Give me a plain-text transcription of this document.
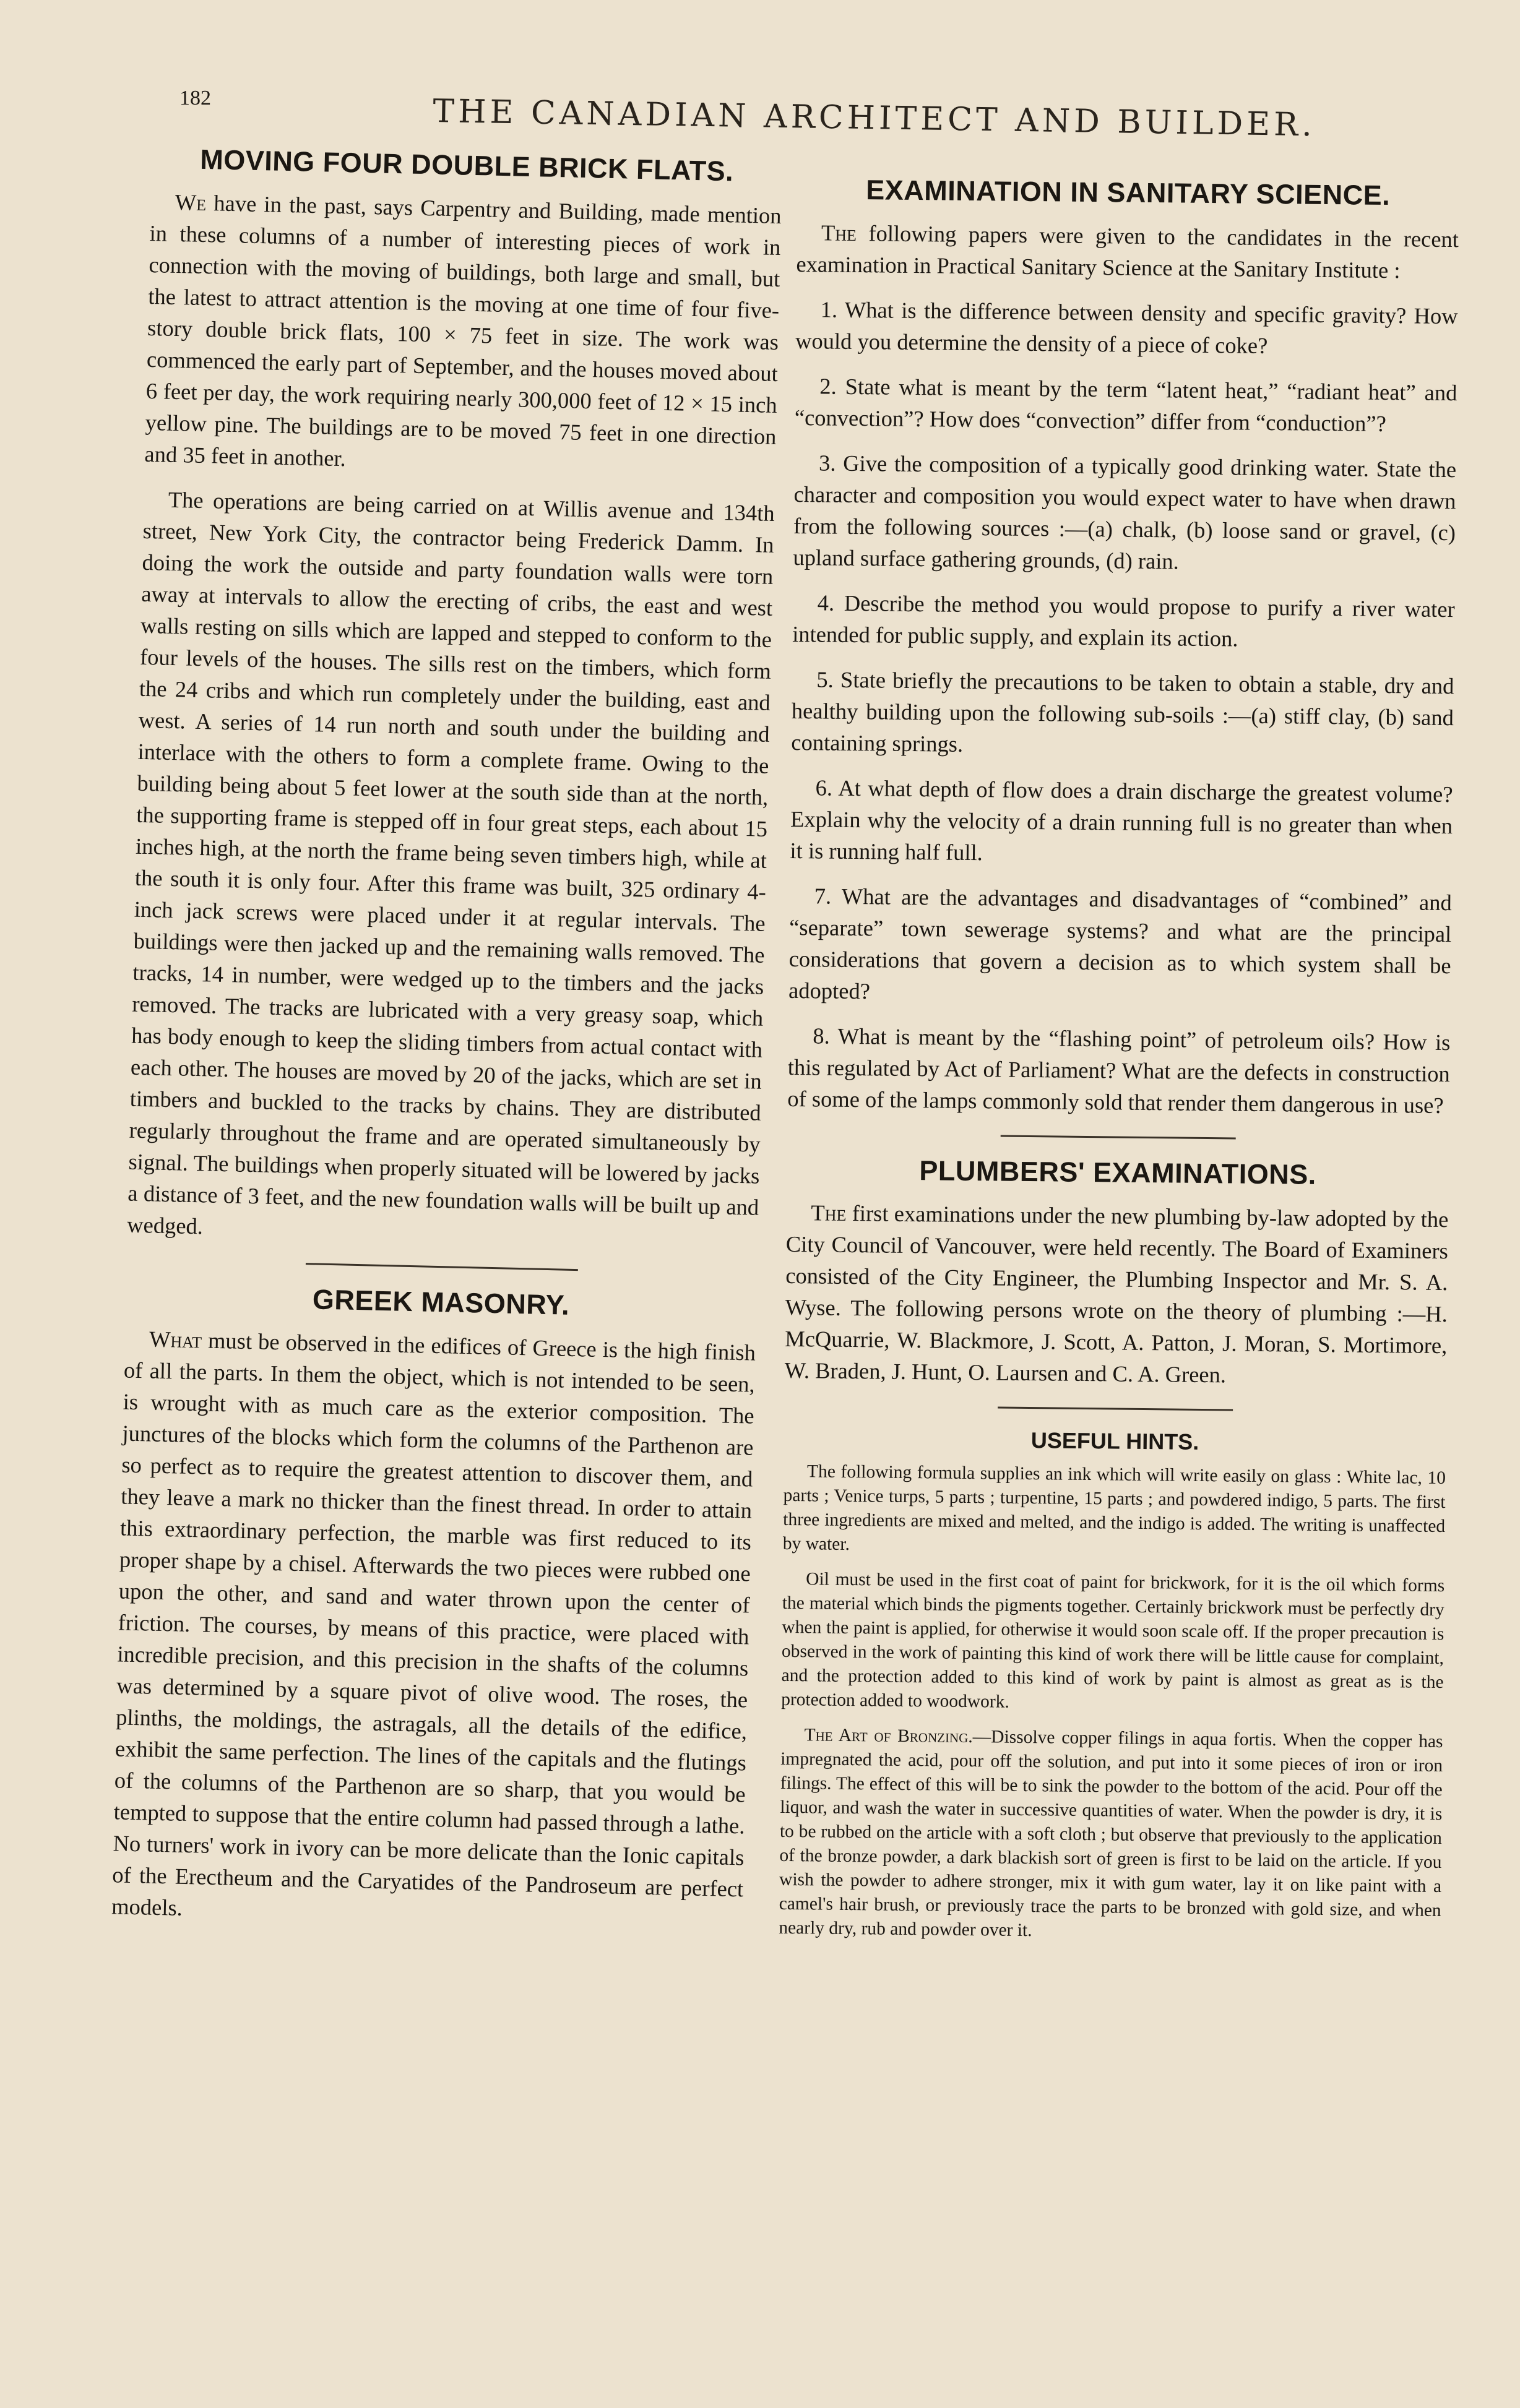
182	THE CANADIAN ARCHITECT AND BUILDER.
MOVING FOUR DOUBLE BRICK FLATS.

We have in the past, says Carpentry and Building, made mention in these columns of a number of interesting pieces of work in connection with the moving of buildings, both large and small, but the latest to attract attention is the moving at one time of four five-story double brick flats, 100 × 75 feet in size. The work was commenced the early part of September, and the houses moved about 6 feet per day, the work requiring nearly 300,000 feet of 12 × 15 inch yellow pine. The buildings are to be moved 75 feet in one direction and 35 feet in another.

The operations are being carried on at Willis avenue and 134th street, New York City, the contractor being Frederick Damm. In doing the work the outside and party foundation walls were torn away at intervals to allow the erecting of cribs, the east and west walls resting on sills which are lapped and stepped to conform to the four levels of the houses. The sills rest on the timbers, which form the 24 cribs and which run completely under the building, east and west. A series of 14 run north and south under the building and interlace with the others to form a complete frame. Owing to the building being about 5 feet lower at the south side than at the north, the supporting frame is stepped off in four great steps, each about 15 inches high, at the north the frame being seven timbers high, while at the south it is only four. After this frame was built, 325 ordinary 4-inch jack screws were placed under it at regular intervals. The buildings were then jacked up and the remaining walls removed. The tracks, 14 in number, were wedged up to the timbers and the jacks removed. The tracks are lubricated with a very greasy soap, which has body enough to keep the sliding timbers from actual contact with each other. The houses are moved by 20 of the jacks, which are set in timbers and buckled to the tracks by chains. They are distributed regularly throughout the frame and are operated simultaneously by signal. The buildings when properly situated will be lowered by jacks a distance of 3 feet, and the new foundation walls will be built up and wedged.

GREEK MASONRY.

What must be observed in the edifices of Greece is the high finish of all the parts. In them the object, which is not intended to be seen, is wrought with as much care as the exterior composition. The junctures of the blocks which form the columns of the Parthenon are so perfect as to require the greatest attention to discover them, and they leave a mark no thicker than the finest thread. In order to attain this extraordinary perfection, the marble was first reduced to its proper shape by a chisel. Afterwards the two pieces were rubbed one upon the other, and sand and water thrown upon the center of friction. The courses, by means of this practice, were placed with incredible precision, and this precision in the shafts of the columns was determined by a square pivot of olive wood. The roses, the plinths, the moldings, the astragals, all the details of the edifice, exhibit the same perfection. The lines of the capitals and the flutings of the columns of the Parthenon are so sharp, that you would be tempted to suppose that the entire column had passed through a lathe. No turners' work in ivory can be more delicate than the Ionic capitals of the Erectheum and the Caryatides of the Pandroseum are perfect models.

EXAMINATION IN SANITARY SCIENCE.

The following papers were given to the candidates in the recent examination in Practical Sanitary Science at the Sanitary Institute :

1. What is the difference between density and specific gravity? How would you determine the density of a piece of coke?

2. State what is meant by the term “latent heat,” “radiant heat” and “convection”? How does “convection” differ from “conduction”?

3. Give the composition of a typically good drinking water. State the character and composition you would expect water to have when drawn from the following sources :—(a) chalk, (b) loose sand or gravel, (c) upland surface gathering grounds, (d) rain.

4. Describe the method you would propose to purify a river water intended for public supply, and explain its action.

5. State briefly the precautions to be taken to obtain a stable, dry and healthy building upon the following sub-soils :—(a) stiff clay, (b) sand containing springs.

6. At what depth of flow does a drain discharge the greatest volume? Explain why the velocity of a drain running full is no greater than when it is running half full.

7. What are the advantages and disadvantages of “combined” and “separate” town sewerage systems? and what are the principal considerations that govern a decision as to which system shall be adopted?

8. What is meant by the “flashing point” of petroleum oils? How is this regulated by Act of Parliament? What are the defects in construction of some of the lamps commonly sold that render them dangerous in use?

PLUMBERS' EXAMINATIONS.

The first examinations under the new plumbing by-law adopted by the City Council of Vancouver, were held recently. The Board of Examiners consisted of the City Engineer, the Plumbing Inspector and Mr. S. A. Wyse. The following persons wrote on the theory of plumbing :—H. McQuarrie, W. Blackmore, J. Scott, A. Patton, J. Moran, S. Mortimore, W. Braden, J. Hunt, O. Laursen and C. A. Green.

USEFUL HINTS.

The following formula supplies an ink which will write easily on glass : White lac, 10 parts ; Venice turps, 5 parts ; turpentine, 15 parts ; and powdered indigo, 5 parts. The first three ingredients are mixed and melted, and the indigo is added. The writing is unaffected by water.

Oil must be used in the first coat of paint for brickwork, for it is the oil which forms the material which binds the pigments together. Certainly brickwork must be perfectly dry when the paint is applied, for otherwise it would soon scale off. If the proper precaution is observed in the work of painting this kind of work there will be little cause for complaint, and the protection added to this kind of work by paint is almost as great as is the protection added to woodwork.

The Art of Bronzing.—Dissolve copper filings in aqua fortis. When the copper has impregnated the acid, pour off the solution, and put into it some pieces of iron or iron filings. The effect of this will be to sink the powder to the bottom of the acid. Pour off the liquor, and wash the water in successive quantities of water. When the powder is dry, it is to be rubbed on the article with a soft cloth ; but observe that previously to the application of the bronze powder, a dark blackish sort of green is first to be laid on the article. If you wish the powder to adhere stronger, mix it with gum water, lay it on like paint with a camel's hair brush, or previously trace the parts to be bronzed with gold size, and when nearly dry, rub and powder over it.
